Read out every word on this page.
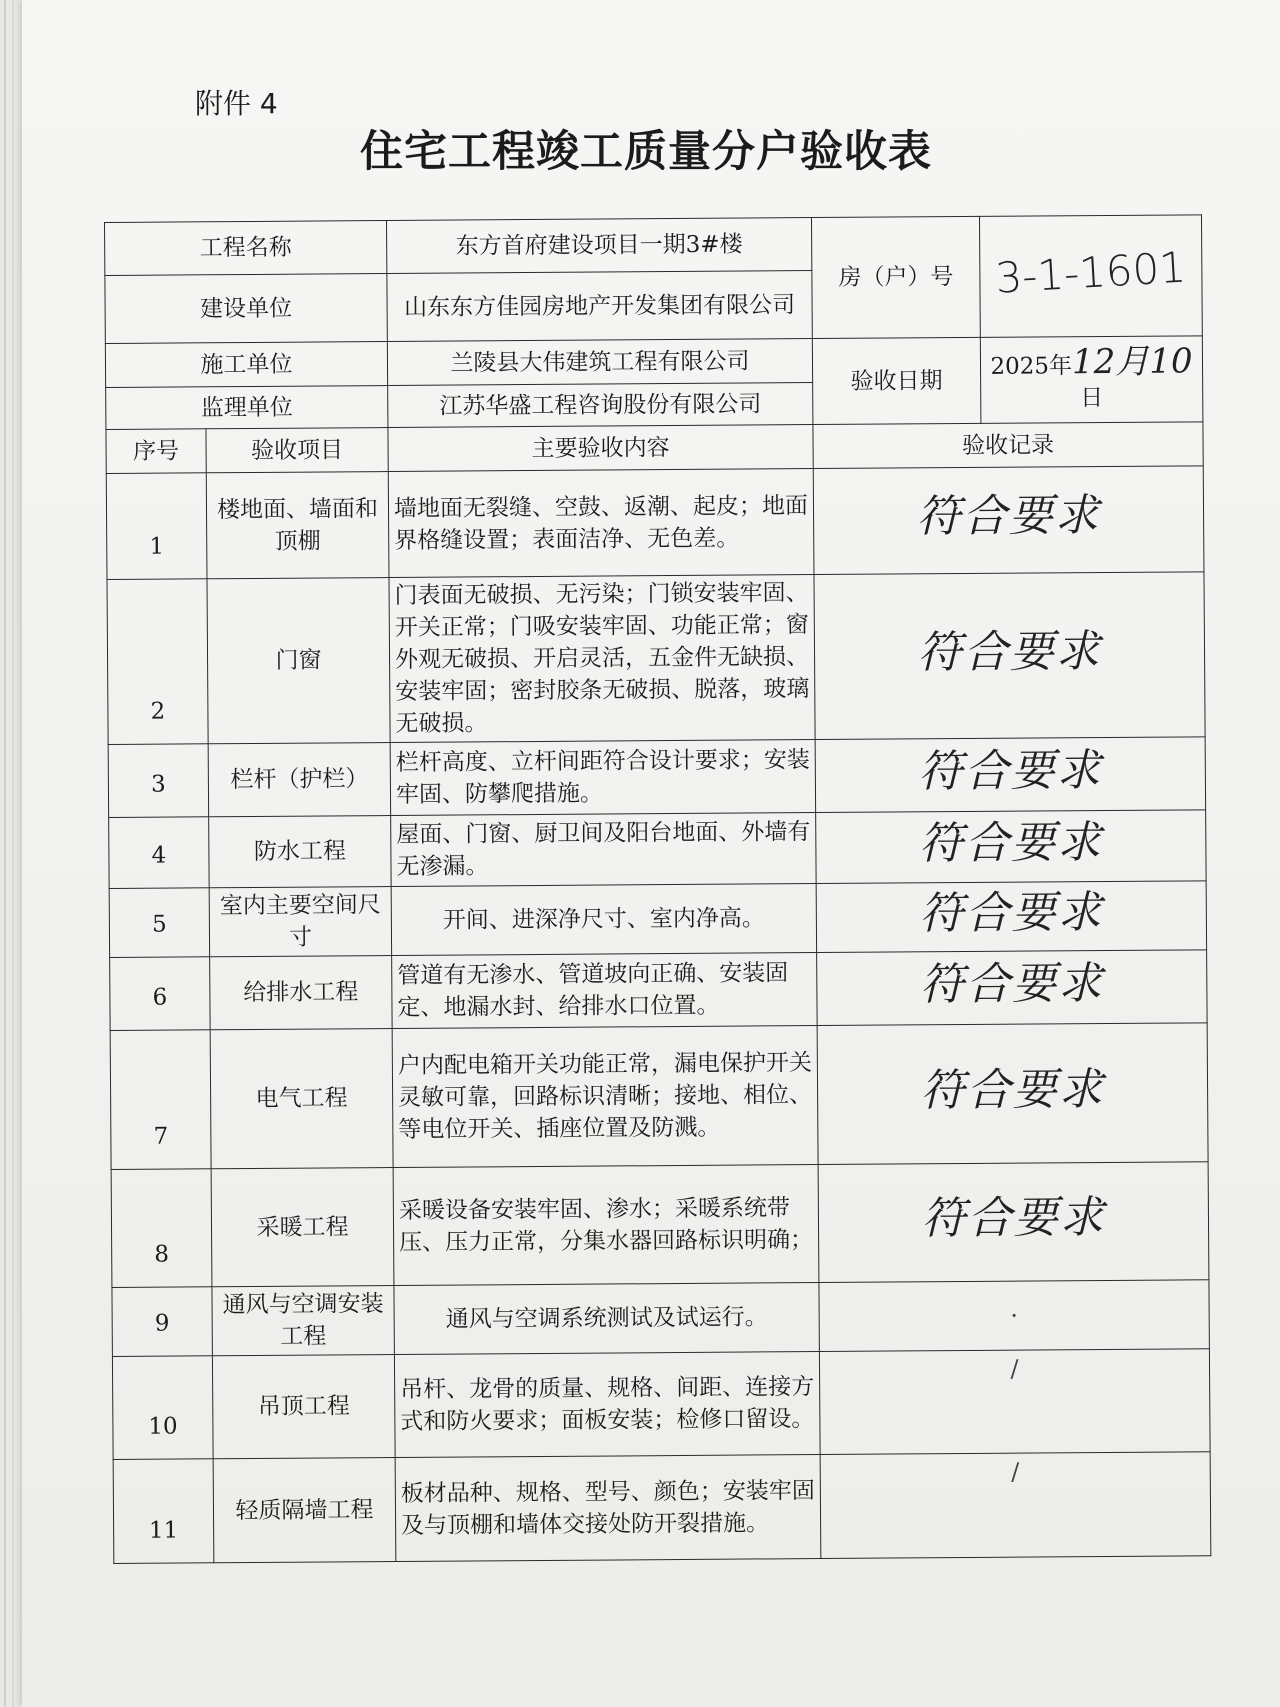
附件 4
住宅工程竣工质量分户验收表
工程名称		东方首府建设项目一期3#楼	房（户）号	3-1-1601
建设单位		山东东方佳园房地产开发集团有限公司		
施工单位		兰陵县大伟建筑工程有限公司	验收日期	2025年12月10日
监理单位		江苏华盛工程咨询股份有限公司		
序号	验收项目	主要验收内容	验收记录	
1	楼地面、墙面和顶棚	墙地面无裂缝、空鼓、返潮、起皮；地面界格缝设置；表面洁净、无色差。	符合要求	
2	门窗	门表面无破损、无污染；门锁安装牢固、开关正常；门吸安装牢固、功能正常；窗外观无破损、开启灵活，五金件无缺损、 安装牢固；密封胶条无破损、脱落，玻璃无破损。	符合要求	
3	栏杆（护栏）	栏杆高度、立杆间距符合设计要求；安装牢固、防攀爬措施。	符合要求	
4	防水工程	屋面、门窗、厨卫间及阳台地面、外墙有无渗漏。	符合要求	
5	室内主要空间尺寸	开间、进深净尺寸、室内净高。	符合要求	
6	给排水工程	管道有无渗水、管道坡向正确、安装固定、地漏水封、给排水口位置。	符合要求	
7	电气工程	户内配电箱开关功能正常，漏电保护开关灵敏可靠，回路标识清晰；接地、相位、等电位开关、插座位置及防溅。	符合要求	
8	采暖工程	采暖设备安装牢固、渗水；采暖系统带压、压力正常，分集水器回路标识明确；	符合要求	
9	通风与空调安装工程	通风与空调系统测试及试运行。	·	
10	吊顶工程	吊杆、龙骨的质量、规格、间距、连接方式和防火要求；面板安装；检修口留设。	/	
11	轻质隔墙工程	板材品种、规格、型号、颜色；安装牢固及与顶棚和墙体交接处防开裂措施。	/	
